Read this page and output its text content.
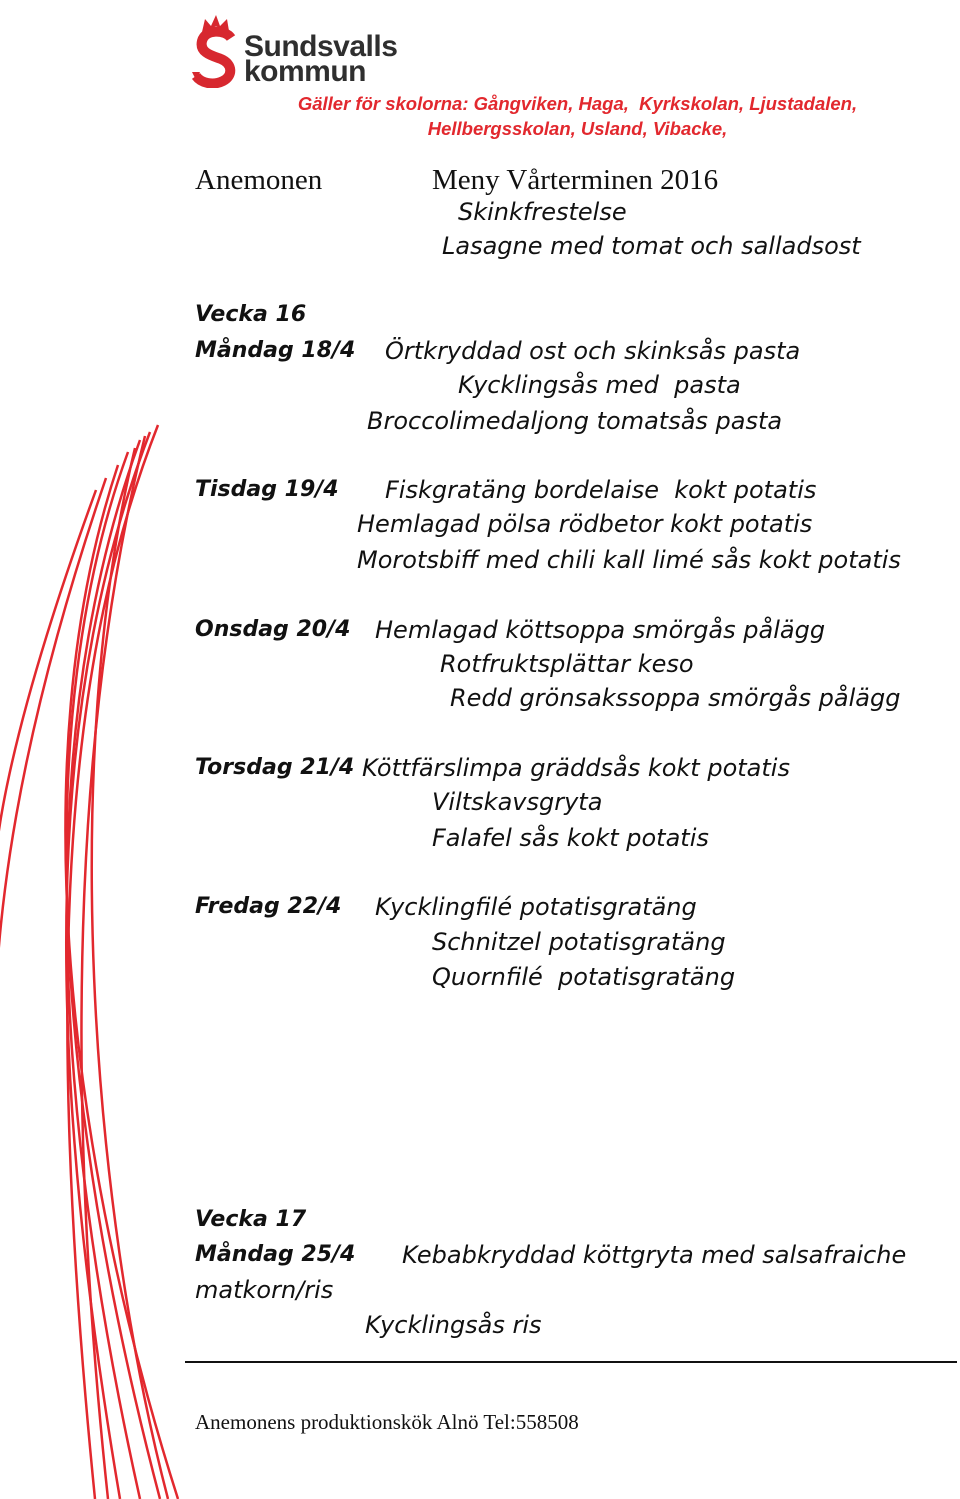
Sundsvalls
kommun
Gäller för skolorna: Gångviken, Haga,  Kyrkskolan, Ljustadalen,
Hellbergsskolan, Usland, Vibacke,
Anemonen	Meny Vårterminen 2016
Skinkfrestelse
Lasagne med tomat och salladsost
Vecka 16
Måndag 18/4 Örtkryddad ost och skinksås pasta
Kycklingsås med  pasta
Broccolimedaljong tomatsås pasta
Tisdag 19/4 Fiskgratäng bordelaise  kokt potatis
Hemlagad pölsa rödbetor kokt potatis
Morotsbiff med chili kall limé sås kokt potatis
Onsdag 20/4 Hemlagad köttsoppa smörgås pålägg
Rotfruktsplättar keso
Redd grönsakssoppa smörgås pålägg
Torsdag 21/4 Köttfärslimpa gräddsås kokt potatis
Viltskavsgryta
Falafel sås kokt potatis
Fredag 22/4 Kycklingfilé potatisgratäng
Schnitzel potatisgratäng
Quornfilé  potatisgratäng
Vecka 17
Måndag 25/4 Kebabkryddad köttgryta med salsafraiche
matkorn/ris
Kycklingsås ris
Anemonens produktionskök Alnö Tel:558508
